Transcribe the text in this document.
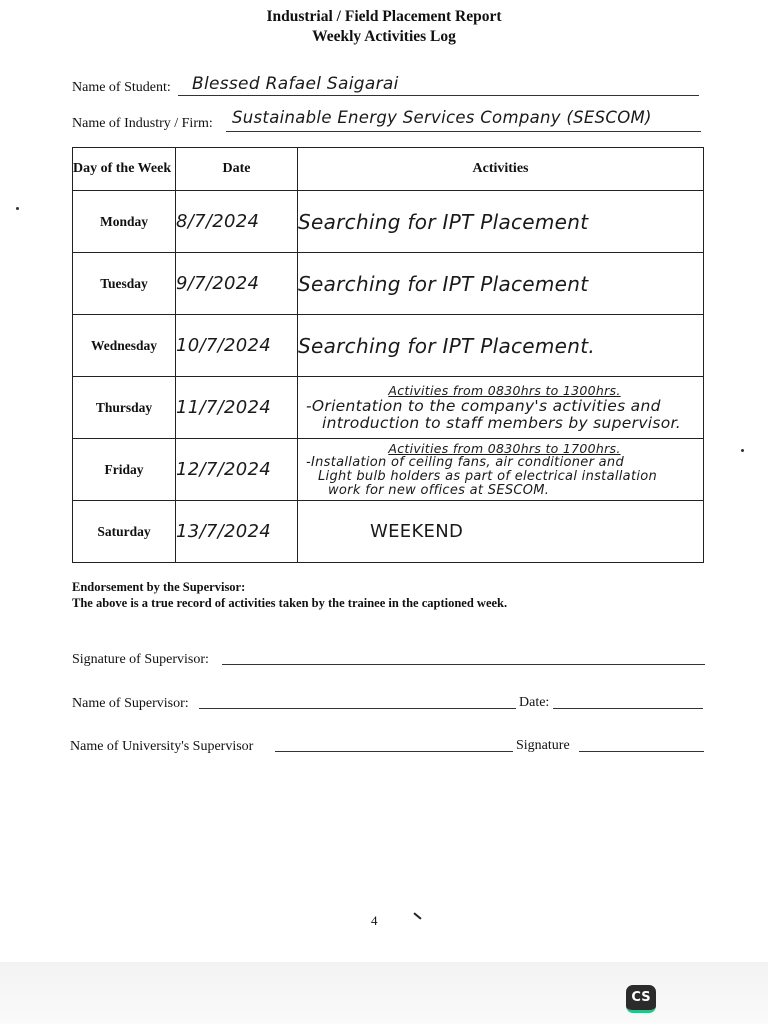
Industrial / Field Placement Report
Weekly Activities Log
Name of Student: Blessed Rafael Saigarai
Name of Industry / Firm: Sustainable Energy Services Company (SESCOM)
Day of the Week	Date	Activities
Monday	8/7/2024	Searching for IPT Placement
Tuesday	9/7/2024	Searching for IPT Placement
Wednesday	10/7/2024	Searching for IPT Placement.
Thursday	11/7/2024	Activities from 0830hrs to 1300hrs.
-Orientation to the company's activities and
introduction to staff members by supervisor.

Friday	12/7/2024	Activities from 0830hrs to 1700hrs.
-Installation of ceiling fans, air conditioner and
Light bulb holders as part of electrical installation
work for new offices at SESCOM.

Saturday	13/7/2024	WEEKEND
Endorsement by the Supervisor:
The above is a true record of activities taken by the trainee in the captioned week.
Signature of Supervisor:
Name of Supervisor:	Date:
Name of University's Supervisor	Signature
4
CS
